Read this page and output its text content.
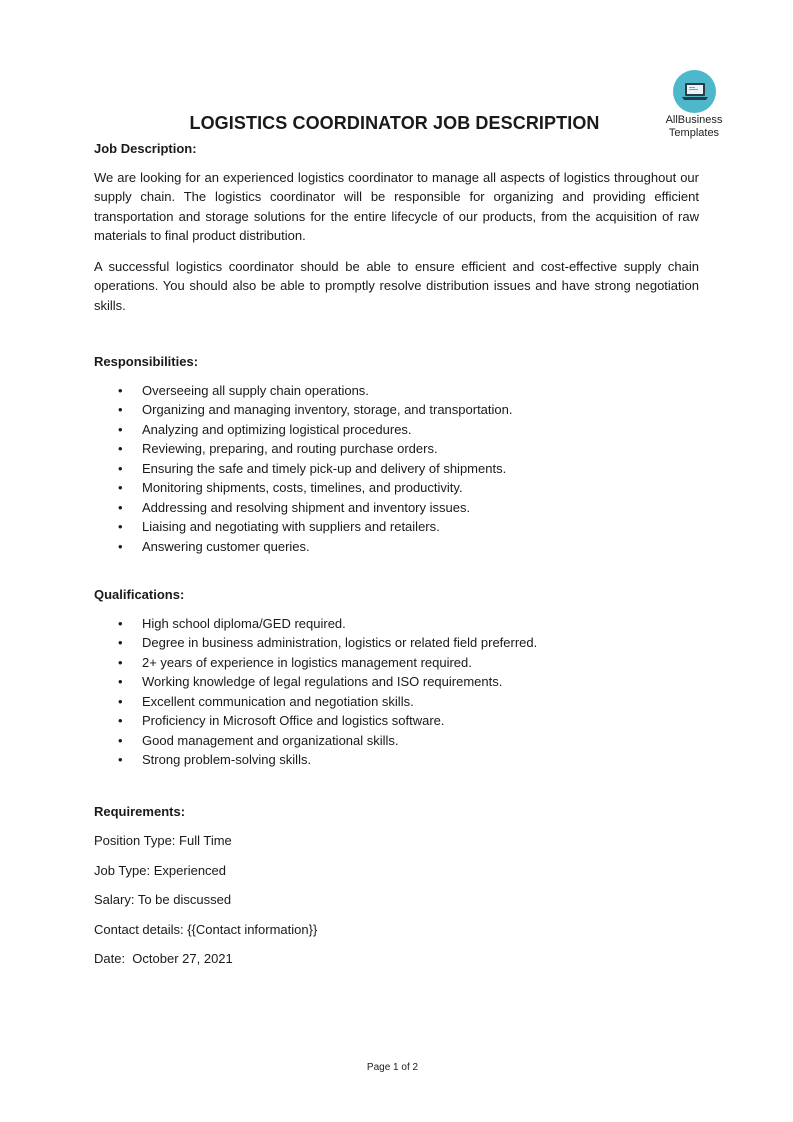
AllBusiness
Templates
LOGISTICS COORDINATOR JOB DESCRIPTION

Job Description:

We are looking for an experienced logistics coordinator to manage all aspects of logistics throughout our supply chain. The logistics coordinator will be responsible for organizing and providing efficient transportation and storage solutions for the entire lifecycle of our products, from the acquisition of raw materials to final product distribution.

A successful logistics coordinator should be able to ensure efficient and cost-effective supply chain operations. You should also be able to promptly resolve distribution issues and have strong negotiation skills.

Responsibilities:

• Overseeing all supply chain operations.
• Organizing and managing inventory, storage, and transportation.
• Analyzing and optimizing logistical procedures.
• Reviewing, preparing, and routing purchase orders.
• Ensuring the safe and timely pick-up and delivery of shipments.
• Monitoring shipments, costs, timelines, and productivity.
• Addressing and resolving shipment and inventory issues.
• Liaising and negotiating with suppliers and retailers.
• Answering customer queries.

Qualifications:

• High school diploma/GED required.
• Degree in business administration, logistics or related field preferred.
• 2+ years of experience in logistics management required.
• Working knowledge of legal regulations and ISO requirements.
• Excellent communication and negotiation skills.
• Proficiency in Microsoft Office and logistics software.
• Good management and organizational skills.
• Strong problem-solving skills.

Requirements:

Position Type: Full Time

Job Type: Experienced

Salary: To be discussed

Contact details: {{Contact information}}

Date:  October 27, 2021

Page 1 of 2
